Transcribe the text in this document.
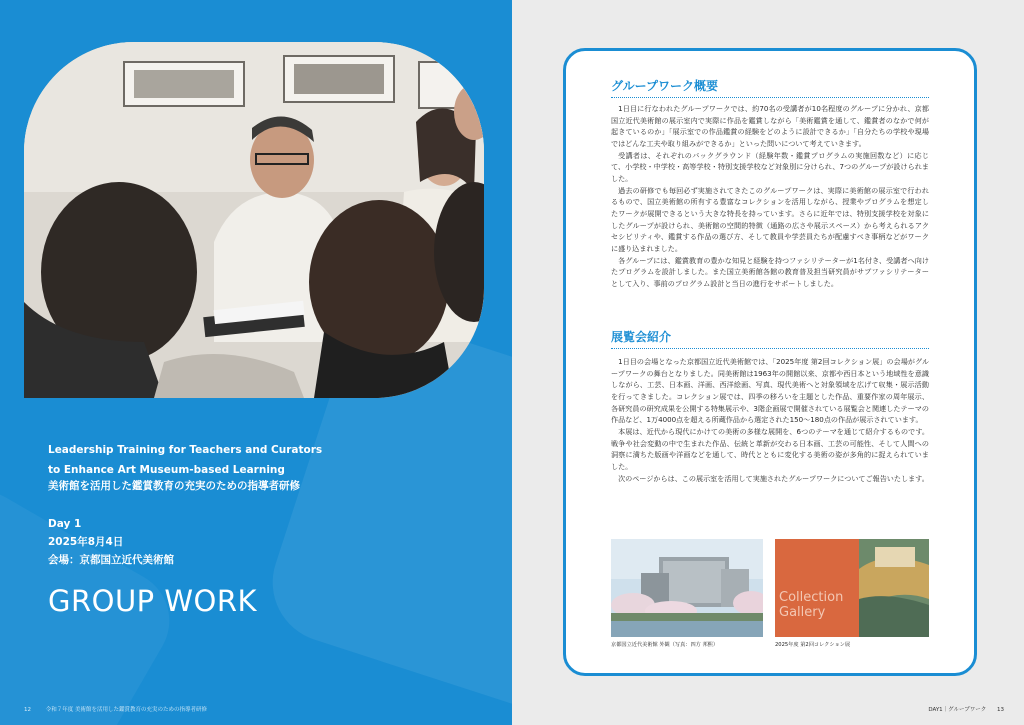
Leadership Training for Teachers and Curators
to Enhance Art Museum-based Learning
美術館を活用した鑑賞教育の充実のための指導者研修
Day 1
2025年8月4日
会場：京都国立近代美術館
GROUP WORK
12	令和７年度 美術館を活用した鑑賞教育の充実のための指導者研修
グループワーク概要

1日目に行なわれたグループワークでは、約70名の受講者が10名程度のグループに分かれ、京都国立近代美術館の展示室内で実際に作品を鑑賞しながら「美術鑑賞を通して、鑑賞者のなかで何が起きているのか」「展示室での作品鑑賞の経験をどのように設計できるか」「自分たちの学校や現場ではどんな工夫や取り組みができるか」といった問いについて考えていきます。

受講者は、それぞれのバックグラウンド（経験年数・鑑賞プログラムの実施回数など）に応じて、小学校・中学校・高等学校・特別支援学校など対象別に分けられ、7つのグループが設けられました。

過去の研修でも毎回必ず実施されてきたこのグループワークは、実際に美術館の展示室で行われるもので、国立美術館の所有する豊富なコレクションを活用しながら、授業やプログラムを想定したワークが展開できるという大きな特長を持っています。さらに近年では、特別支援学校を対象にしたグループが設けられ、美術館の空間的特徴（通路の広さや展示スペース）から考えられるアクセシビリティや、鑑賞する作品の選び方、そして教員や学芸員たちが配慮すべき事柄などがワークに盛り込まれました。

各グループには、鑑賞教育の豊かな知見と経験を持つファシリテーターが1名付き、受講者へ向けたプログラムを設計しました。また国立美術館各館の教育普及担当研究員がサブファシリテーターとして入り、事前のプログラム設計と当日の進行をサポートしました。

展覧会紹介

1日目の会場となった京都国立近代美術館では、「2025年度 第2回コレクション展」の会場がグループワークの舞台となりました。同美術館は1963年の開館以来、京都や西日本という地域性を意識しながら、工芸、日本画、洋画、西洋絵画、写真、現代美術へと対象領域を広げて収集・展示活動を行ってきました。コレクション展では、四季の移ろいを主題とした作品、重要作家の周年展示、各研究員の研究成果を公開する特集展示や、3階企画展で開催されている展覧会と関連したテーマの作品など、1万4000点を超える所蔵作品から選定された150〜180点の作品が展示されています。

本展は、近代から現代にかけての美術の多様な展開を、6つのテーマを通じて紹介するものです。戦争や社会変動の中で生まれた作品、伝統と革新が交わる日本画、工芸の可能性、そして人間への洞察に満ちた版画や洋画などを通して、時代とともに変化する美術の姿が多角的に捉えられていました。

次のページからは、この展示室を活用して実施されたグループワークについてご報告いたします。

Collection
Gallery
京都国立近代美術館 外観（写真：四方 邦熙）	2025年度 第2回コレクション展
DAY1｜グループワーク 13
